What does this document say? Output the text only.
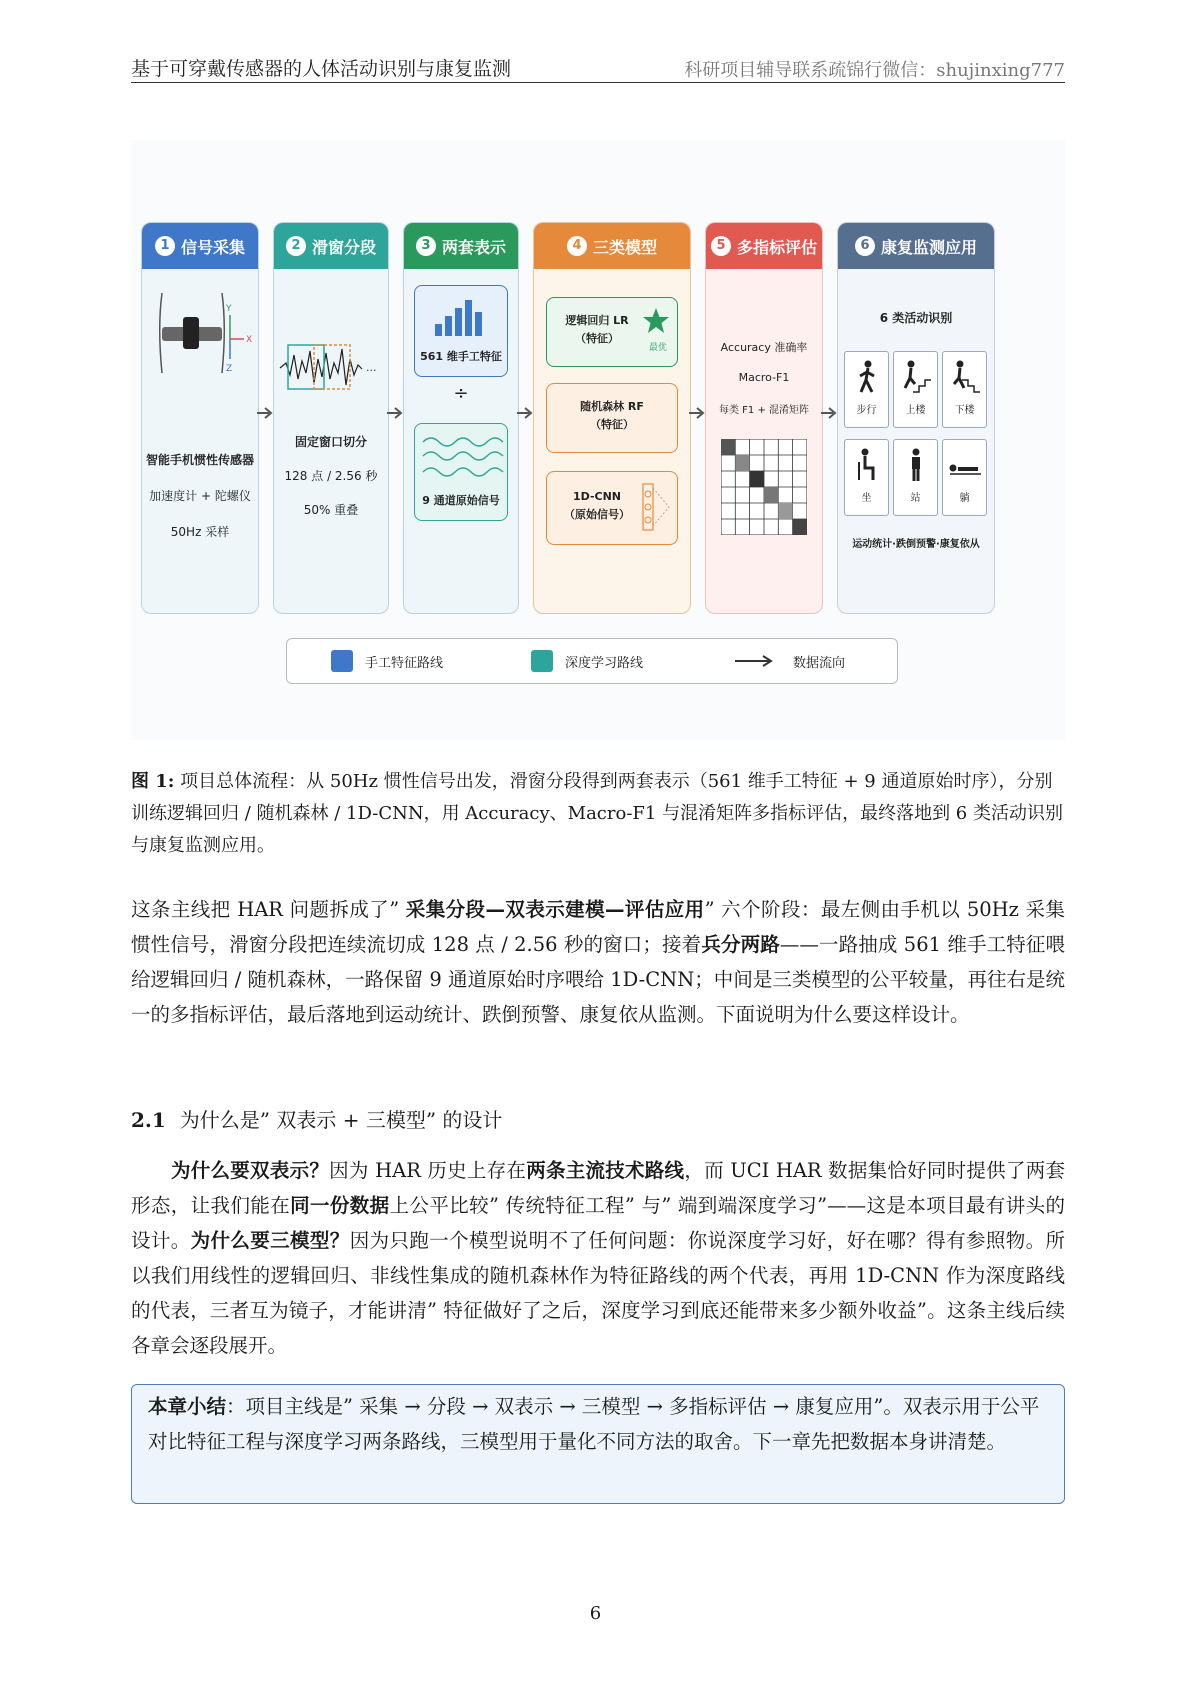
基于可穿戴传感器的人体活动识别与康复监测	科研项目辅导联系疏锦行微信：shujinxing777
1 信号采集
Y
X
Z
智能手机惯性传感器
加速度计 + 陀螺仪
50Hz 采样
2 滑窗分段
...
固定窗口切分
128 点 / 2.56 秒
50% 重叠
3 两套表示
561 维手工特征
÷
9 通道原始信号
4 三类模型
逻辑回归 LR
（特征）
最优
随机森林 RF
（特征）
1D-CNN
（原始信号）
5 多指标评估
Accuracy 准确率
Macro-F1
每类 F1 + 混淆矩阵
6 康复监测应用
6 类活动识别
步行	上楼	下楼
坐	站	躺
运动统计·跌倒预警·康复依从
手工特征路线	深度学习路线	数据流向
图 1: 项目总体流程：从 50Hz 惯性信号出发，滑窗分段得到两套表示（561 维手工特征 + 9 通道原始时序），分别训练逻辑回归 / 随机森林 / 1D-CNN，用 Accuracy、Macro-F1 与混淆矩阵多指标评估，最终落地到 6 类活动识别与康复监测应用。
这条主线把 HAR 问题拆成了” 采集分段—双表示建模—评估应用” 六个阶段：最左侧由手机以 50Hz 采集惯性信号，滑窗分段把连续流切成 128 点 / 2.56 秒的窗口；接着兵分两路——一路抽成 561 维手工特征喂给逻辑回归 / 随机森林，一路保留 9 通道原始时序喂给 1D-CNN；中间是三类模型的公平较量，再往右是统一的多指标评估，最后落地到运动统计、跌倒预警、康复依从监测。下面说明为什么要这样设计。
2.1 为什么是” 双表示 + 三模型” 的设计
为什么要双表示？因为 HAR 历史上存在两条主流技术路线，而 UCI HAR 数据集恰好同时提供了两套形态，让我们能在同一份数据上公平比较” 传统特征工程” 与” 端到端深度学习”——这是本项目最有讲头的设计。为什么要三模型？因为只跑一个模型说明不了任何问题：你说深度学习好，好在哪？得有参照物。所以我们用线性的逻辑回归、非线性集成的随机森林作为特征路线的两个代表，再用 1D-CNN 作为深度路线的代表，三者互为镜子，才能讲清” 特征做好了之后，深度学习到底还能带来多少额外收益”。这条主线后续各章会逐段展开。
本章小结：项目主线是” 采集 → 分段 → 双表示 → 三模型 → 多指标评估 → 康复应用”。双表示用于公平对比特征工程与深度学习两条路线，三模型用于量化不同方法的取舍。下一章先把数据本身讲清楚。
6
